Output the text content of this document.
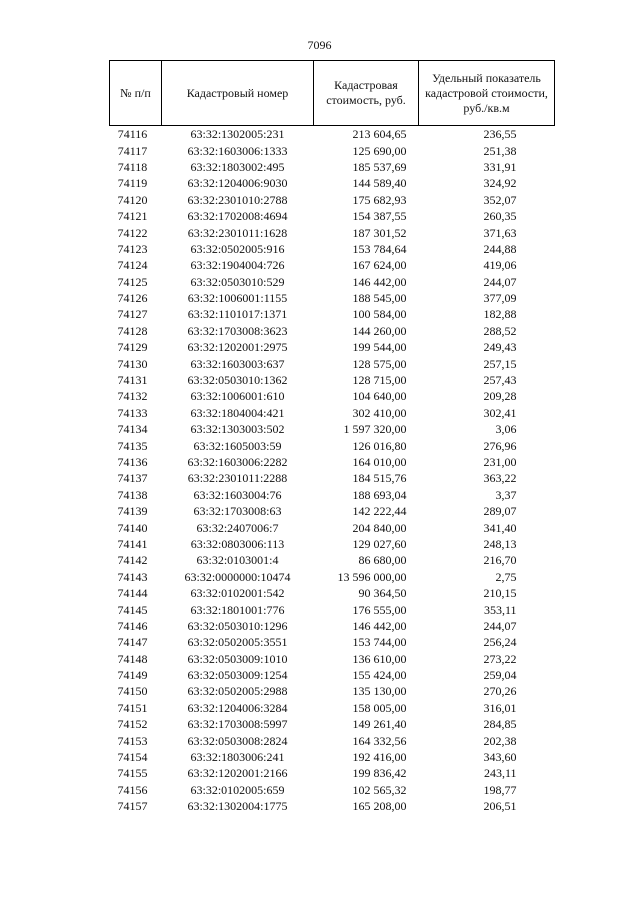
7096
№ п/п	Кадастровый номер	Кадастровая стоимость, руб.	Удельный показатель кадастровой стоимости, руб./кв.м
74116	63:32:1302005:231	213 604,65	236,55
74117	63:32:1603006:1333	125 690,00	251,38
74118	63:32:1803002:495	185 537,69	331,91
74119	63:32:1204006:9030	144 589,40	324,92
74120	63:32:2301010:2788	175 682,93	352,07
74121	63:32:1702008:4694	154 387,55	260,35
74122	63:32:2301011:1628	187 301,52	371,63
74123	63:32:0502005:916	153 784,64	244,88
74124	63:32:1904004:726	167 624,00	419,06
74125	63:32:0503010:529	146 442,00	244,07
74126	63:32:1006001:1155	188 545,00	377,09
74127	63:32:1101017:1371	100 584,00	182,88
74128	63:32:1703008:3623	144 260,00	288,52
74129	63:32:1202001:2975	199 544,00	249,43
74130	63:32:1603003:637	128 575,00	257,15
74131	63:32:0503010:1362	128 715,00	257,43
74132	63:32:1006001:610	104 640,00	209,28
74133	63:32:1804004:421	302 410,00	302,41
74134	63:32:1303003:502	1 597 320,00	3,06
74135	63:32:1605003:59	126 016,80	276,96
74136	63:32:1603006:2282	164 010,00	231,00
74137	63:32:2301011:2288	184 515,76	363,22
74138	63:32:1603004:76	188 693,04	3,37
74139	63:32:1703008:63	142 222,44	289,07
74140	63:32:2407006:7	204 840,00	341,40
74141	63:32:0803006:113	129 027,60	248,13
74142	63:32:0103001:4	86 680,00	216,70
74143	63:32:0000000:10474	13 596 000,00	2,75
74144	63:32:0102001:542	90 364,50	210,15
74145	63:32:1801001:776	176 555,00	353,11
74146	63:32:0503010:1296	146 442,00	244,07
74147	63:32:0502005:3551	153 744,00	256,24
74148	63:32:0503009:1010	136 610,00	273,22
74149	63:32:0503009:1254	155 424,00	259,04
74150	63:32:0502005:2988	135 130,00	270,26
74151	63:32:1204006:3284	158 005,00	316,01
74152	63:32:1703008:5997	149 261,40	284,85
74153	63:32:0503008:2824	164 332,56	202,38
74154	63:32:1803006:241	192 416,00	343,60
74155	63:32:1202001:2166	199 836,42	243,11
74156	63:32:0102005:659	102 565,32	198,77
74157	63:32:1302004:1775	165 208,00	206,51
